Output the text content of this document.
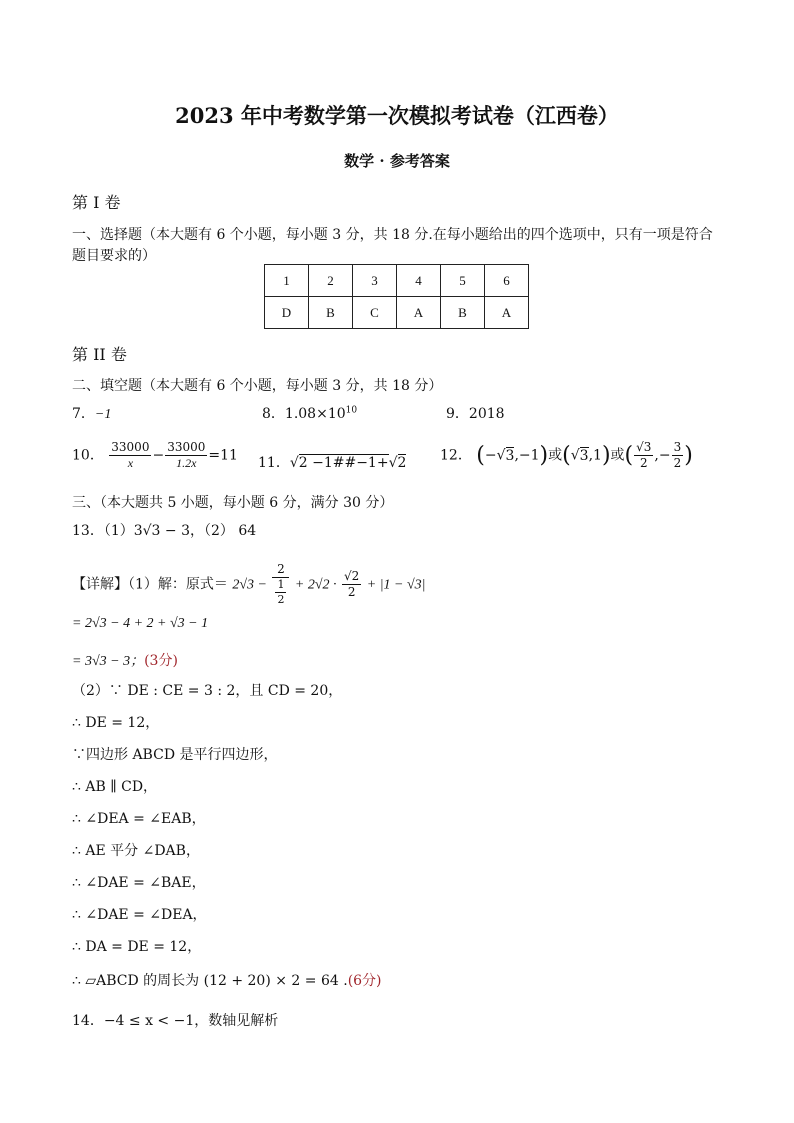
2023 年中考数学第一次模拟考试卷（江西卷）
数学 · 参考答案
第 I 卷
一、选择题（本大题有 6 个小题，每小题 3 分，共 18 分.在每小题给出的四个选项中，只有一项是符合
题目要求的）
1	2	3	4	5	6
D	B	C	A	B	A
第 II 卷
二、填空题（本大题有 6 个小题，每小题 3 分，共 18 分）
7．−1	8．$1.08\times 10^{10}$	9．2018
10． $\frac{33000}{x} - \frac{33000}{1.2x} =11$ 11．√2 −1##−1+√2 12． (−√3,−1)或(√3,1)或( $\frac{√3}{2}$ ,− $\frac{3}{2}$ )
三、（本大题共 5 小题，每小题 6 分，满分 30 分）
13．（1）3√3 − 3，（2） 64
【详解】（1）解：原式＝ $2√3 - \frac{2}{\frac{1}{2}} + 2√2 \cdot \frac{√2}{2} + |1 - √3|$
= 2√3 − 4 + 2 + √3 − 1
= 3√3 − 3；(3分)
（2）∵ DE : CE = 3 : 2，且 CD = 20，
∴ DE = 12，
∵四边形 ABCD 是平行四边形，
∴ AB ∥ CD，
∴ ∠DEA = ∠EAB，
∴ AE 平分 ∠DAB，
∴ ∠DAE = ∠BAE，
∴ ∠DAE = ∠DEA，
∴ DA = DE = 12，
∴ ▱ABCD 的周长为 (12 + 20) × 2 = 64 .(6分)
14．−4 ≤ x < −1，数轴见解析
